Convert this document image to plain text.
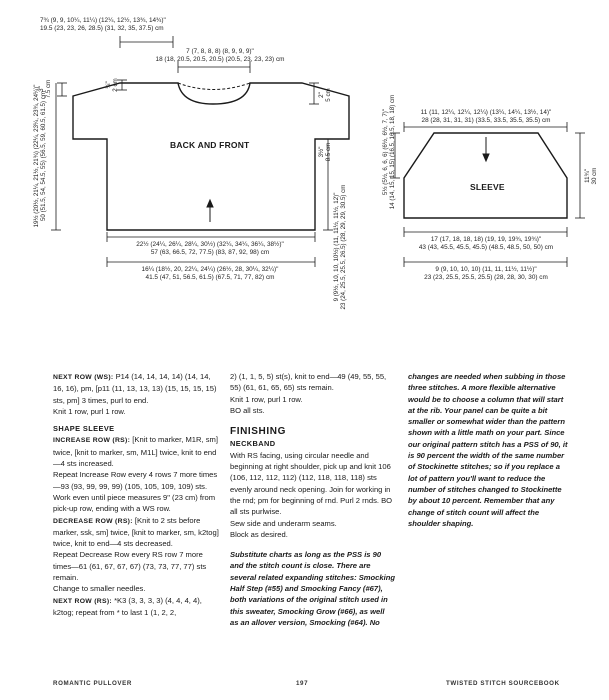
BACK AND FRONT
SLEEVE
7¾ (9, 9, 10¼, 11¼) (12¼, 12½, 13¾, 14¾)"
19.5 (23, 23, 26, 28.5) (31, 32, 35, 37.5) cm
7 (7, 8, 8, 8) (8, 9, 9, 9)"
18 (18, 20.5, 20.5, 20.5) (20.5, 23, 23, 23) cm
22½ (24¼, 26¼, 28¼, 30½) (32¼, 34¼, 36¼, 38½)"
57 (63, 66.5, 72, 77.5) (83, 87, 92, 98) cm
16¼ (18½, 20, 22¼, 24¼) (26½, 28, 30¼, 32¼)"
41.5 (47, 51, 56.5, 61.5) (67.5, 71, 77, 82) cm
11 (11, 12¼, 12¼, 12¼) (13¼, 14¼, 13½, 14)"
28 (28, 31, 31, 31) (33.5, 33.5, 35.5, 35.5) cm
17 (17, 18, 18, 18) (19, 19, 19¾, 19¾)"
43 (43, 45.5, 45.5, 45.5) (48.5, 48.5, 50, 50) cm
9 (9, 10, 10, 10) (11, 11, 11½, 11½)"
23 (23, 25.5, 25.5, 25.5) (28, 28, 30, 30) cm
19½ (20½, 21¼, 21½, 21¾) (22¼, 23¼, 23¾, 24¼)" 50 (51.5, 54, 54.5, 55) (56.5, 59, 60.5, 61.5) cm
3" 7.5 cm	¾" 2 cm
2" 5 cm
3½" 8.5 cm
9 (9½, 10, 10, 10½) (11, 11½, 11½, 12)" 23 (24, 25.5, 25.5, 26.5) (28, 29, 29, 30.5) cm
5½ (5½, 6, 6, 6) (6½, 6½, 7, 7)" 14 (14, 15, 15, 15) (16.5, 16.5, 18, 18) cm	11¾" 30 cm

NEXT ROW (WS): P14 (14, 14, 14, 14) (14, 14, 16, 16), pm, [p11 (11, 13, 13, 13) (15, 15, 15, 15) sts, pm] 3 times, purl to end.

Knit 1 row, purl 1 row.

SHAPE SLEEVE

INCREASE ROW (RS): [Knit to marker, M1R, sm] twice, [knit to marker, sm, M1L] twice, knit to end—4 sts increased.

Repeat Increase Row every 4 rows 7 more times—93 (93, 99, 99, 99) (105, 105, 109, 109) sts.

Work even until piece measures 9" (23 cm) from pick-up row, ending with a WS row.

DECREASE ROW (RS): [Knit to 2 sts before marker, ssk, sm] twice, [knit to marker, sm, k2tog] twice, knit to end—4 sts decreased.

Repeat Decrease Row every RS row 7 more times—61 (61, 67, 67, 67) (73, 73, 77, 77) sts remain.

Change to smaller needles.

NEXT ROW (RS): *K3 (3, 3, 3, 3) (4, 4, 4, 4), k2tog; repeat from * to last 1 (1, 2, 2,

2) (1, 1, 5, 5) st(s), knit to end—49 (49, 55, 55, 55) (61, 61, 65, 65) sts remain.

Knit 1 row, purl 1 row.

BO all sts.

FINISHING

NECKBAND

With RS facing, using circular needle and beginning at right shoulder, pick up and knit 106 (106, 112, 112, 112) (112, 118, 118, 118) sts evenly around neck opening. Join for working in the rnd; pm for beginning of rnd. Purl 2 rnds. BO all sts purlwise.

Sew side and underarm seams.

Block as desired.

Substitute charts as long as the PSS is 90 and the stitch count is close. There are several related expanding stitches: Smocking Half Step (#55) and Smocking Fancy (#67), both variations of the original stitch used in this sweater, Smocking Grow (#66), as well as an allover version, Smocking (#64). No

changes are needed when subbing in those three stitches. A more flexible alternative would be to choose a column that will start at the rib. Your panel can be quite a bit smaller or somewhat wider than the pattern shown with a little math on your part. Since our original pattern stitch has a PSS of 90, it is 90 percent the width of the same number of Stockinette stitches; so if you replace a lot of pattern you'll want to reduce the number of stitches changed to Stockinette by about 10 percent. Remember that any change of stitch count will affect the shoulder shaping.

ROMANTIC PULLOVER	197	TWISTED STITCH SOURCEBOOK
